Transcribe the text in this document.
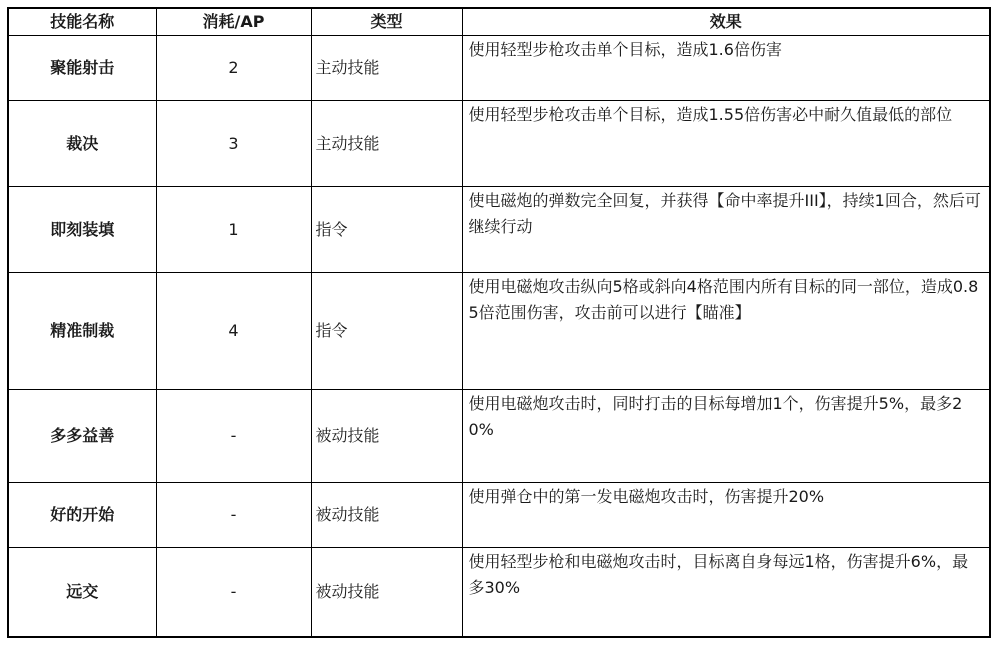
技能名称	消耗/AP	类型	效果
聚能射击	2	主动技能	使用轻型步枪攻击单个目标，造成1.6倍伤害
裁决	3	主动技能	使用轻型步枪攻击单个目标，造成1.55倍伤害必中耐久值最低的部位
即刻装填	1	指令	使电磁炮的弹数完全回复，并获得【命中率提升III】，持续1回合，然后可继续行动
精准制裁	4	指令	使用电磁炮攻击纵向5格或斜向4格范围内所有目标的同一部位，造成0.85倍范围伤害，攻击前可以进行【瞄准】
多多益善	-	被动技能	使用电磁炮攻击时，同时打击的目标每增加1个，伤害提升5%，最多20%
好的开始	-	被动技能	使用弹仓中的第一发电磁炮攻击时，伤害提升20%
远交	-	被动技能	使用轻型步枪和电磁炮攻击时，目标离自身每远1格，伤害提升6%，最多30%
